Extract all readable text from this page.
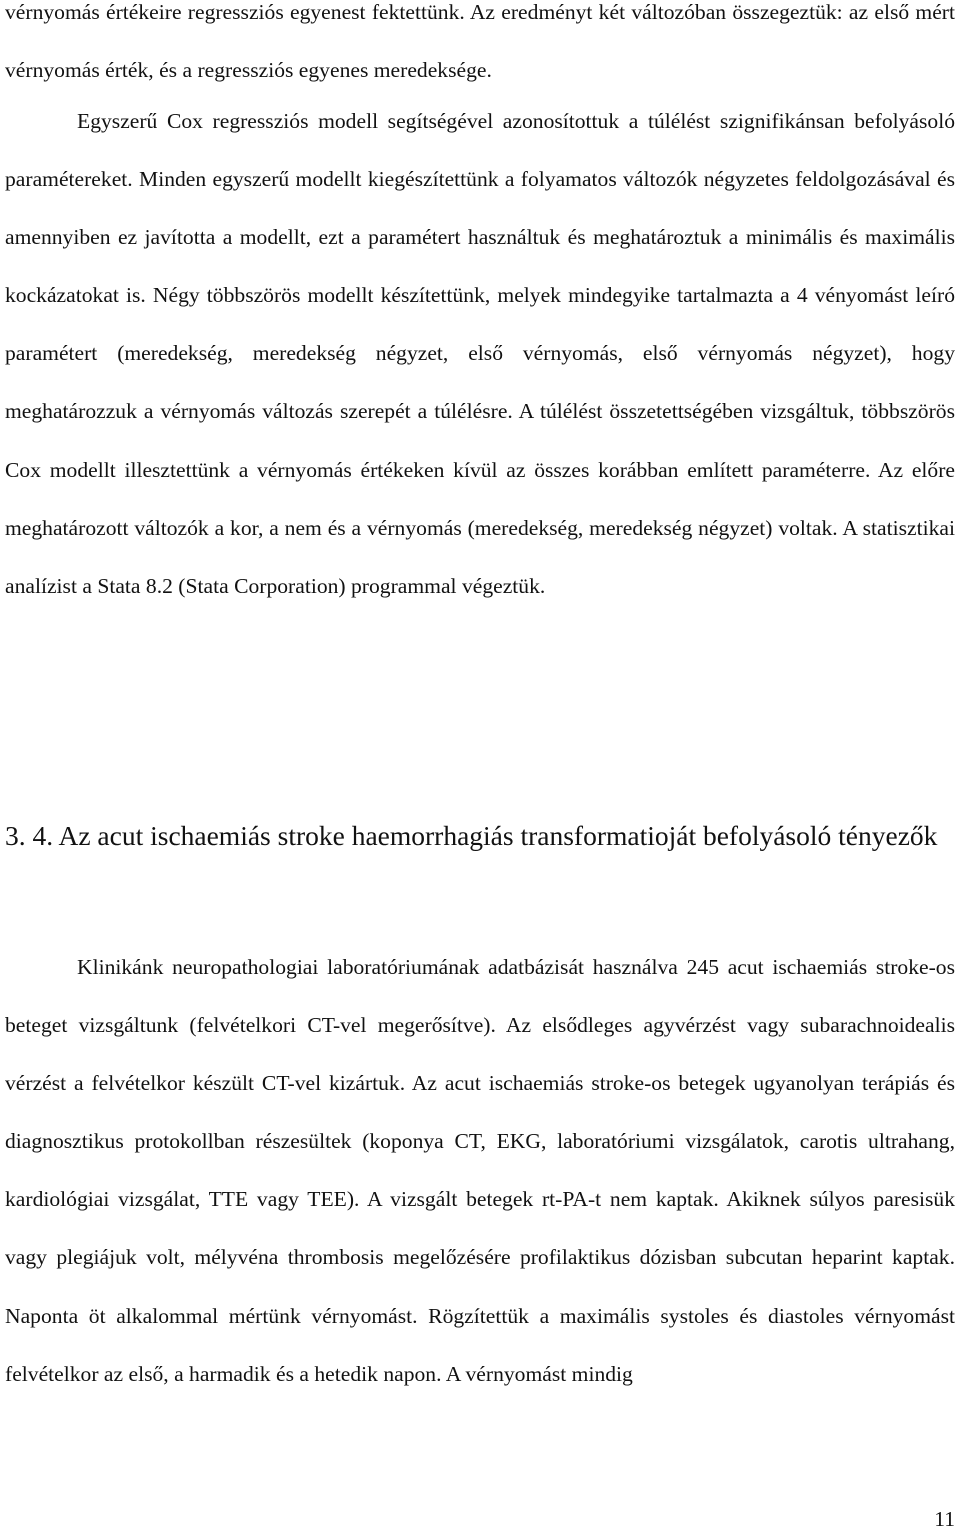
vérnyomás értékeire regressziós egyenest fektettünk. Az eredményt két változóban összegeztük: az első mért vérnyomás érték, és a regressziós egyenes meredeksége.

Egyszerű Cox regressziós modell segítségével azonosítottuk a túlélést szignifikánsan befolyásoló paramétereket. Minden egyszerű modellt kiegészítettünk a folyamatos változók négyzetes feldolgozásával és amennyiben ez javította a modellt, ezt a paramétert használtuk és meghatároztuk a minimális és maximális kockázatokat is. Négy többszörös modellt készítettünk, melyek mindegyike tartalmazta a 4 vényomást leíró paramétert (meredekség, meredekség négyzet, első vérnyomás, első vérnyomás négyzet), hogy meghatározzuk a vérnyomás változás szerepét a túlélésre. A túlélést összetettségében vizsgáltuk, többszörös Cox modellt illesztettünk a vérnyomás értékeken kívül az összes korábban említett paraméterre. Az előre meghatározott változók a kor, a nem és a vérnyomás (meredekség, meredekség négyzet) voltak. A statisztikai analízist a Stata 8.2 (Stata Corporation) programmal végeztük.

3. 4. Az acut ischaemiás stroke haemorrhagiás transformatioját befolyásoló tényezők

Klinikánk neuropathologiai laboratóriumának adatbázisát használva 245 acut ischaemiás stroke-os beteget vizsgáltunk (felvételkori CT-vel megerősítve). Az elsődleges agyvérzést vagy subarachnoidealis vérzést a felvételkor készült CT-vel kizártuk. Az acut ischaemiás stroke-os betegek ugyanolyan terápiás és diagnosztikus protokollban részesültek (koponya CT, EKG, laboratóriumi vizsgálatok, carotis ultrahang, kardiológiai vizsgálat, TTE vagy TEE). A vizsgált betegek rt-PA-t nem kaptak. Akiknek súlyos paresisük vagy plegiájuk volt, mélyvéna thrombosis megelőzésére profilaktikus dózisban subcutan heparint kaptak. Naponta öt alkalommal mértünk vérnyomást. Rögzítettük a maximális systoles és diastoles vérnyomást felvételkor az első, a harmadik és a hetedik napon. A vérnyomást mindig

11
